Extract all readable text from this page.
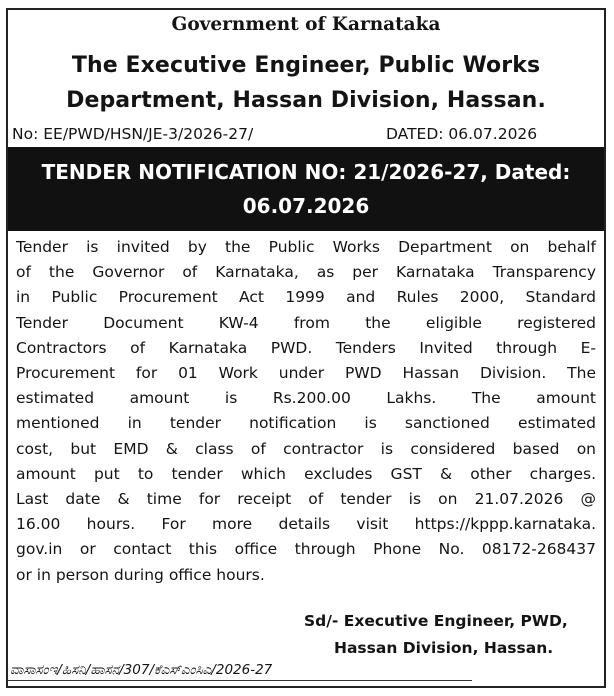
Government of Karnataka
The Executive Engineer, Public Works
Department, Hassan Division, Hassan.
No: EE/PWD/HSN/JE-3/2026-27/	DATED: 06.07.2026
TENDER NOTIFICATION NO: 21/2026-27, Dated:
06.07.2026
Tender is invited by the Public Works Department on behalf
of the Governor of Karnataka, as per Karnataka Transparency
in Public Procurement Act 1999 and Rules 2000, Standard
Tender Document KW-4 from the eligible registered
Contractors of Karnataka PWD. Tenders Invited through E-
Procurement for 01 Work under PWD Hassan Division. The
estimated amount is Rs.200.00 Lakhs. The amount
mentioned in tender notification is sanctioned estimated
cost, but EMD & class of contractor is considered based on
amount put to tender which excludes GST & other charges.
Last date & time for receipt of tender is on 21.07.2026 @
16.00 hours. For more details visit https://kppp.karnataka.
gov.in or contact this office through Phone No. 08172-268437
or in person during office hours.
Sd/- Executive Engineer, PWD,
Hassan Division, Hassan.
ವಾಸಾಸಂಇ/ಹಿಸನಿ/ಹಾಸನ/307/ಕೆಎಸ್‌ಎಂಸಿಎ/2026-27
